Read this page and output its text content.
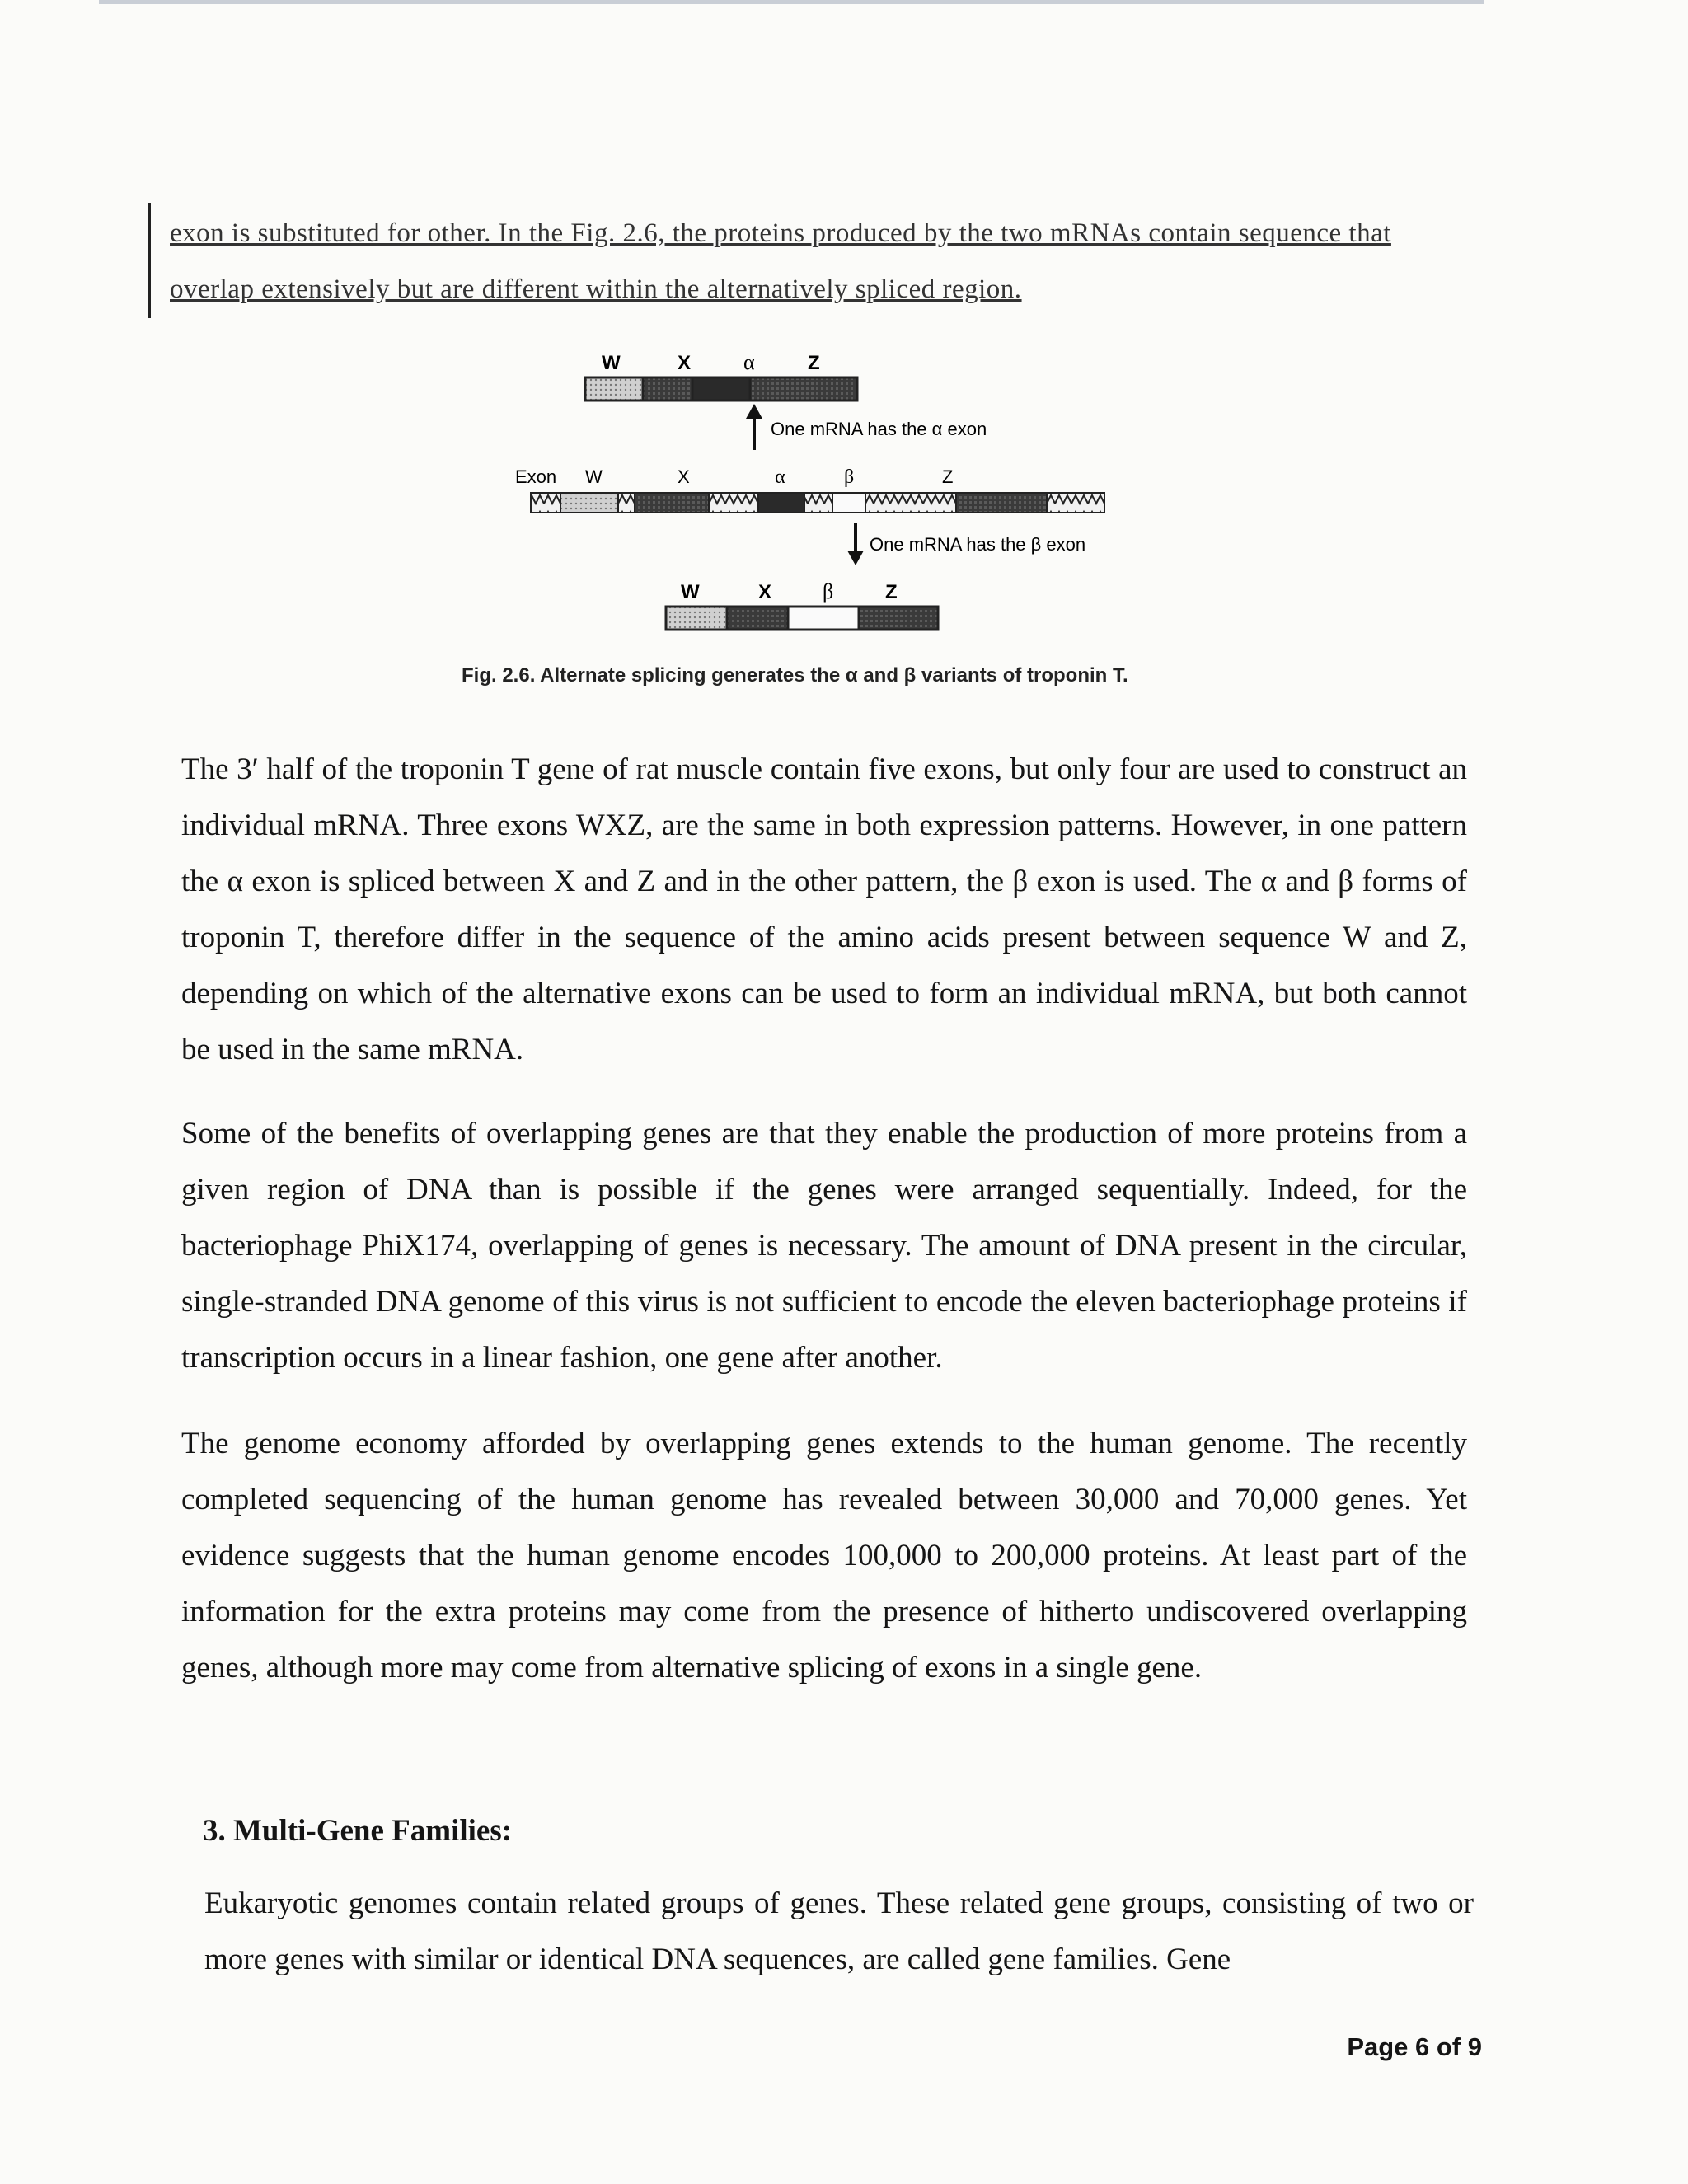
exon is substituted for other. In the Fig. 2.6, the proteins produced by the two mRNAs contain sequence that overlap extensively but are different within the alternatively spliced region.

W	X α	Z
One mRNA has the α exon
Exon W	X	α	β	Z
One mRNA has the β exon
W	X β	Z
Fig. 2.6. Alternate splicing generates the α and β variants of troponin T.

The 3′ half of the troponin T gene of rat muscle contain five exons, but only four are used to construct an individual mRNA. Three exons WXZ, are the same in both expression patterns. However, in one pattern the α exon is spliced between X and Z and in the other pattern, the β exon is used. The α and β forms of troponin T, therefore differ in the sequence of the amino acids present between sequence W and Z, depending on which of the alternative exons can be used to form an individual mRNA, but both cannot be used in the same mRNA.

Some of the benefits of overlapping genes are that they enable the production of more proteins from a given region of DNA than is possible if the genes were arranged sequentially. Indeed, for the bacteriophage PhiX174, overlapping of genes is necessary. The amount of DNA present in the circular, single-stranded DNA genome of this virus is not sufficient to encode the eleven bacteriophage proteins if transcription occurs in a linear fashion, one gene after another.

The genome economy afforded by overlapping genes extends to the human genome. The recently completed sequencing of the human genome has revealed between 30,000 and 70,000 genes. Yet evidence suggests that the human genome encodes 100,000 to 200,000 proteins. At least part of the information for the extra proteins may come from the presence of hitherto undiscovered overlapping genes, although more may come from alternative splicing of exons in a single gene.

3. Multi-Gene Families:

Eukaryotic genomes contain related groups of genes. These related gene groups, consisting of two or more genes with similar or identical DNA sequences, are called gene families. Gene

Page 6 of 9
